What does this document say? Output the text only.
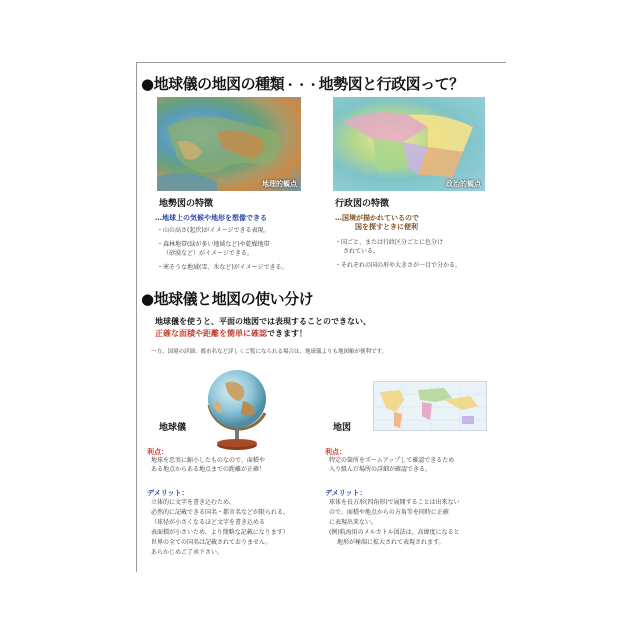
●地球儀の地図の種類・・・地勢図と行政図って？
地理的観点	政治的観点
地勢図の特徴
…地球上の気候や地形を想像できる
・山の高さ(起伏)がイメージできる表現。
・森林地帯(緑が多い地域など)や乾燥地帯
（砂漠など）がイメージできる。
・寒そうな地域(雪、氷など)がイメージできる。
行政図の特徴
…国境が描かれているので
国を探すときに便利
・国ごと、または行政区分ごとに色分け
されている。
・それぞれの国の形や大きさが一目で分かる。
●地球儀と地図の使い分け
地球儀を使うと、平面の地図では表現することのできない、
正確な面積や距離を簡単に確認できます！
一方、国境の詳細、都市名など詳しくご覧になられる場合は、地球儀よりも地図帳が便利です。
地球儀	地図
利点：
地球を忠実に縮小したものなので、面積や
ある地点からある地点までの距離が正確！
デメリット：
立体的に文字を書き込むため、
必然的に記載できる国名・都市名などが限られる。
（球径が小さくなるほど文字を書き込める
表面積が小さいため、より簡略な記載になります）
世界の全ての国名は記載されておりません。
あらかじめご了承下さい。
利点：
特定の箇所をズームアップして確認できるため
入り組んだ場所の詳細が確認できる。
デメリット：
球体を長方形(四角形)で展開することは出来ない
ので、面積や地点からの方角等を同時に正確
に表現出来ない。
(例)航海用のメルカトル図法は、高緯度になると
地形が極端に拡大されて表現されます。
